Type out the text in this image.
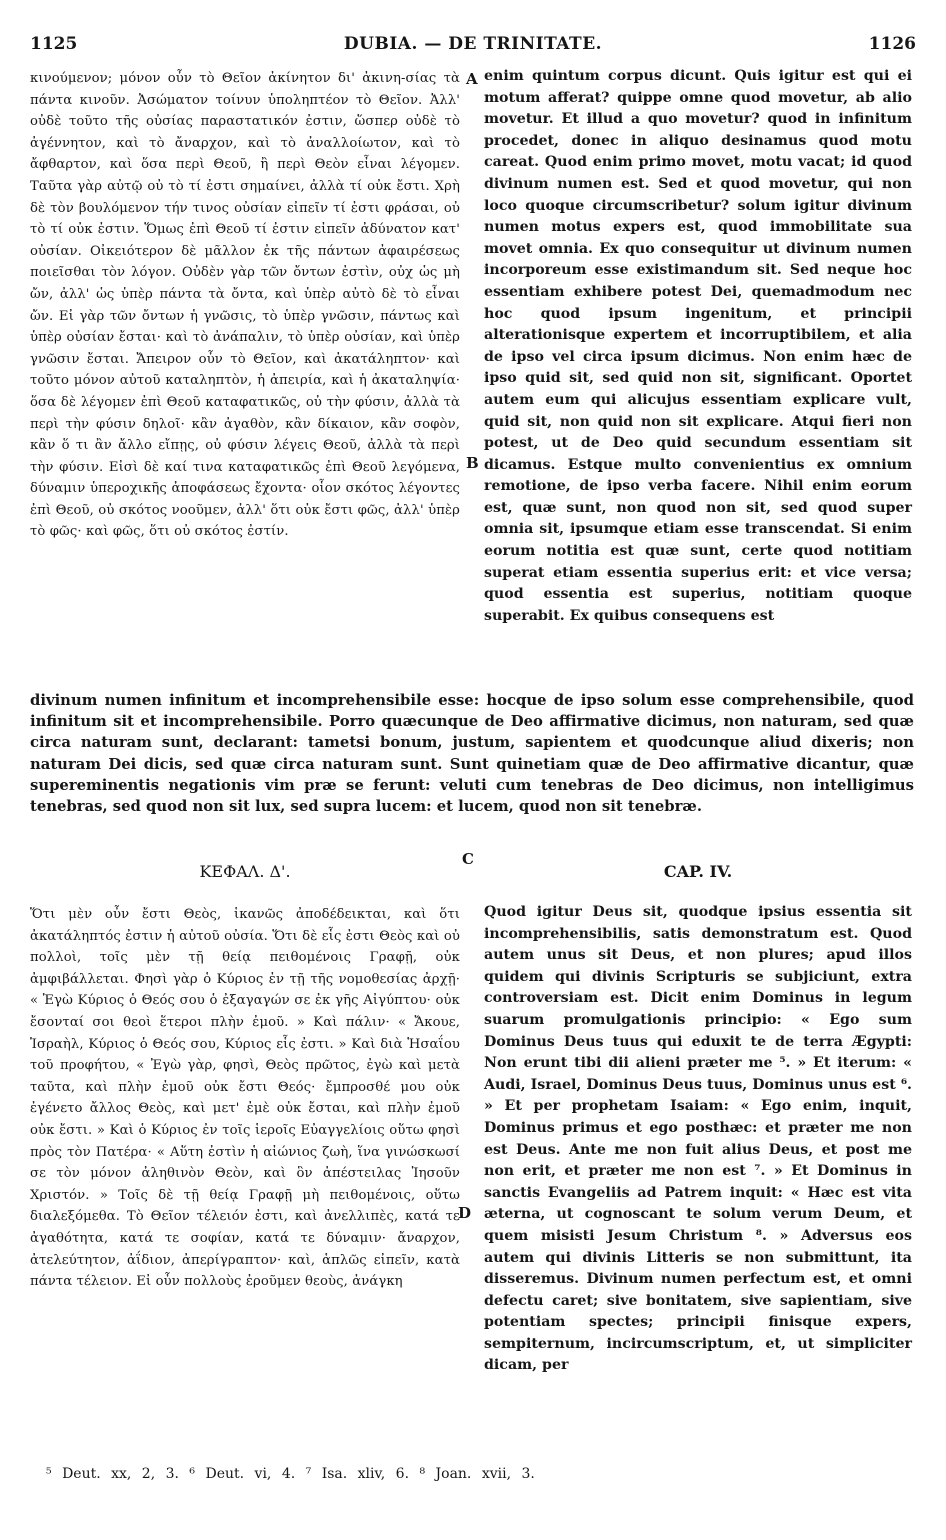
1125	DUBIA. — DE TRINITATE.	1126

κινούμενον; μόνον οὖν τὸ Θεῖον ἀκίνητον δι' ἀκινη-σίας τὰ πάντα κινοῦν. Ἀσώματον τοίνυν ὑποληπτέον τὸ Θεῖον. Ἀλλ' οὐδὲ τοῦτο τῆς οὐσίας παραστατικόν ἐστιν, ὥσπερ οὐδὲ τὸ ἀγέννητον, καὶ τὸ ἄναρχον, καὶ τὸ ἀναλλοίωτον, καὶ τὸ ἄφθαρτον, καὶ ὅσα περὶ Θεοῦ, ἢ περὶ Θεὸν εἶναι λέγομεν. Ταῦτα γὰρ αὐτῷ οὐ τὸ τί ἐστι σημαίνει, ἀλλὰ τί οὐκ ἔστι. Χρὴ δὲ τὸν βουλόμενον τήν τινος οὐσίαν εἰπεῖν τί ἐστι φράσαι, οὐ τὸ τί οὐκ ἐστιν. Ὅμως ἐπὶ Θεοῦ τί ἐστιν εἰπεῖν ἀδύνατον κατ' οὐσίαν. Οἰκειότερον δὲ μᾶλλον ἐκ τῆς πάντων ἀφαιρέσεως ποιεῖσθαι τὸν λόγον. Οὐδὲν γὰρ τῶν ὄντων ἐστὶν, οὐχ ὡς μὴ ὤν, ἀλλ' ὡς ὑπὲρ πάντα τὰ ὄντα, καὶ ὑπὲρ αὐτὸ δὲ τὸ εἶναι ὤν. Εἰ γὰρ τῶν ὄντων ἡ γνῶσις, τὸ ὑπὲρ γνῶσιν, πάντως καὶ ὑπὲρ οὐσίαν ἔσται· καὶ τὸ ἀνάπαλιν, τὸ ὑπὲρ οὐσίαν, καὶ ὑπὲρ γνῶσιν ἔσται. Ἄπειρον οὖν τὸ Θεῖον, καὶ ἀκατάληπτον· καὶ τοῦτο μόνον αὐτοῦ καταληπτὸν, ἡ ἀπειρία, καὶ ἡ ἀκαταληψία· ὅσα δὲ λέγομεν ἐπὶ Θεοῦ καταφατικῶς, οὐ τὴν φύσιν, ἀλλὰ τὰ περὶ τὴν φύσιν δηλοῖ· κἂν ἀγαθὸν, κἂν δίκαιον, κἂν σοφὸν, κἂν ὅ τι ἂν ἄλλο εἴπῃς, οὐ φύσιν λέγεις Θεοῦ, ἀλλὰ τὰ περὶ τὴν φύσιν. Εἰσὶ δὲ καί τινα καταφατικῶς ἐπὶ Θεοῦ λεγόμενα, δύναμιν ὑπεροχικῆς ἀποφάσεως ἔχοντα· οἷον σκότος λέγοντες ἐπὶ Θεοῦ, οὐ σκότος νοοῦμεν, ἀλλ' ὅτι οὐκ ἔστι φῶς, ἀλλ' ὑπὲρ τὸ φῶς· καὶ φῶς, ὅτι οὐ σκότος ἐστίν.

enim quintum corpus dicunt. Quis igitur est qui ei motum afferat? quippe omne quod movetur, ab alio movetur. Et illud a quo movetur? quod in infinitum procedet, donec in aliquo desinamus quod motu careat. Quod enim primo movet, motu vacat; id quod divinum numen est. Sed et quod movetur, qui non loco quoque circumscribetur? solum igitur divinum numen motus expers est, quod immobilitate sua movet omnia. Ex quo consequitur ut divinum numen incorporeum esse existimandum sit. Sed neque hoc essentiam exhibere potest Dei, quemadmodum nec hoc quod ipsum ingenitum, et principii alterationisque expertem et incorruptibilem, et alia de ipso vel circa ipsum dicimus. Non enim hæc de ipso quid sit, sed quid non sit, significant. Oportet autem eum qui alicujus essentiam explicare vult, quid sit, non quid non sit explicare. Atqui fieri non potest, ut de Deo quid secundum essentiam sit dicamus. Estque multo convenientius ex omnium remotione, de ipso verba facere. Nihil enim eorum est, quæ sunt, non quod non sit, sed quod super omnia sit, ipsumque etiam esse transcendat. Si enim eorum notitia est quæ sunt, certe quod notitiam superat etiam essentia superius erit: et vice versa; quod essentia est superius, notitiam quoque superabit. Ex quibus consequens est

A
B

divinum numen infinitum et incomprehensibile esse: hocque de ipso solum esse comprehensibile, quod infinitum sit et incomprehensibile. Porro quæcunque de Deo affirmative dicimus, non naturam, sed quæ circa naturam sunt, declarant: tametsi bonum, justum, sapientem et quodcunque aliud dixeris; non naturam Dei dicis, sed quæ circa naturam sunt. Sunt quinetiam quæ de Deo affirmative dicantur, quæ supereminentis negationis vim præ se ferunt: veluti cum tenebras de Deo dicimus, non intelligimus tenebras, sed quod non sit lux, sed supra lucem: et lucem, quod non sit tenebræ.

C
ΚΕΦΑΛ. Δ'.	CAP. IV.

Ὅτι μὲν οὖν ἔστι Θεὸς, ἱκανῶς ἀποδέδεικται, καὶ ὅτι ἀκατάληπτός ἐστιν ἡ αὐτοῦ οὐσία. Ὅτι δὲ εἷς ἐστι Θεὸς καὶ οὐ πολλοὶ, τοῖς μὲν τῇ θείᾳ πειθομένοις Γραφῇ, οὐκ ἀμφιβάλλεται. Φησὶ γὰρ ὁ Κύριος ἐν τῇ τῆς νομοθεσίας ἀρχῇ· « Ἐγὼ Κύριος ὁ Θεός σου ὁ ἐξαγαγών σε ἐκ γῆς Αἰγύπτου· οὐκ ἔσονταί σοι θεοὶ ἕτεροι πλὴν ἐμοῦ. » Καὶ πάλιν· « Ἄκουε, Ἰσραὴλ, Κύριος ὁ Θεός σου, Κύριος εἷς ἐστι. » Καὶ διὰ Ἡσαΐου τοῦ προφήτου, « Ἐγὼ γὰρ, φησὶ, Θεὸς πρῶτος, ἐγὼ καὶ μετὰ ταῦτα, καὶ πλὴν ἐμοῦ οὐκ ἔστι Θεός· ἔμπροσθέ μου οὐκ ἐγένετο ἄλλος Θεὸς, καὶ μετ' ἐμὲ οὐκ ἔσται, καὶ πλὴν ἐμοῦ οὐκ ἔστι. » Καὶ ὁ Κύριος ἐν τοῖς ἱεροῖς Εὐαγγελίοις οὕτω φησὶ πρὸς τὸν Πατέρα· « Αὕτη ἐστὶν ἡ αἰώνιος ζωὴ, ἵνα γινώσκωσί σε τὸν μόνον ἀληθινὸν Θεὸν, καὶ ὃν ἀπέστειλας Ἰησοῦν Χριστόν. » Τοῖς δὲ τῇ θείᾳ Γραφῇ μὴ πειθομένοις, οὕτω διαλεξόμεθα. Τὸ Θεῖον τέλειόν ἐστι, καὶ ἀνελλιπὲς, κατά τε ἀγαθότητα, κατά τε σοφίαν, κατά τε δύναμιν· ἄναρχον, ἀτελεύτητον, ἀΐδιον, ἀπερίγραπτον· καὶ, ἁπλῶς εἰπεῖν, κατὰ πάντα τέλειον. Εἰ οὖν πολλοὺς ἐροῦμεν θεοὺς, ἀνάγκη

Quod igitur Deus sit, quodque ipsius essentia sit incomprehensibilis, satis demonstratum est. Quod autem unus sit Deus, et non plures; apud illos quidem qui divinis Scripturis se subjiciunt, extra controversiam est. Dicit enim Dominus in legum suarum promulgationis principio: « Ego sum Dominus Deus tuus qui eduxit te de terra Ægypti: Non erunt tibi dii alieni præter me ⁵. » Et iterum: « Audi, Israel, Dominus Deus tuus, Dominus unus est ⁶. » Et per prophetam Isaiam: « Ego enim, inquit, Dominus primus et ego posthæc: et præter me non est Deus. Ante me non fuit alius Deus, et post me non erit, et præter me non est ⁷. » Et Dominus in sanctis Evangeliis ad Patrem inquit: « Hæc est vita æterna, ut cognoscant te solum verum Deum, et quem misisti Jesum Christum ⁸. » Adversus eos autem qui divinis Litteris se non submittunt, ita disseremus. Divinum numen perfectum est, et omni defectu caret; sive bonitatem, sive sapientiam, sive potentiam spectes; principii finisque expers, sempiternum, incircumscriptum, et, ut simpliciter dicam, per

D
⁵ Deut. xx, 2, 3. ⁶ Deut. vi, 4. ⁷ Isa. xliv, 6. ⁸ Joan. xvii, 3.
